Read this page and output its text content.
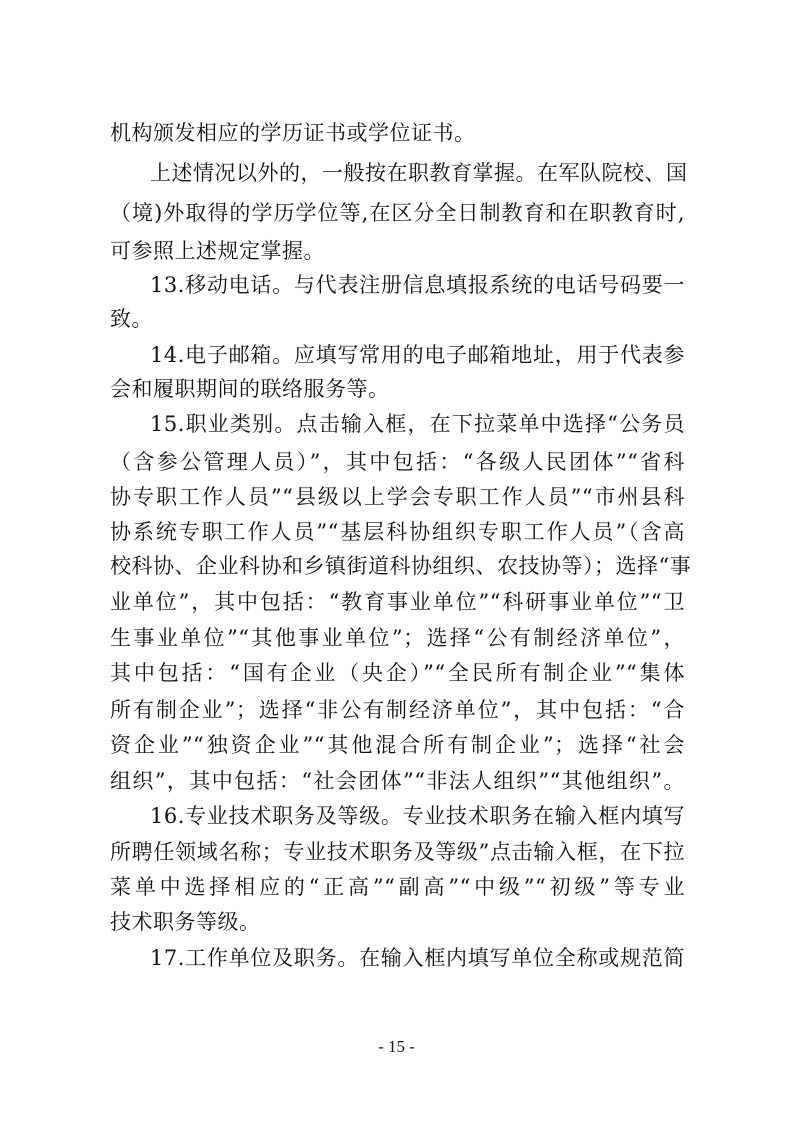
机构颁发相应的学历证书或学位证书。
上述情况以外的，一般按在职教育掌握。在军队院校、国
（境)外取得的学历学位等,在区分全日制教育和在职教育时,
可参照上述规定掌握。
13.移动电话。与代表注册信息填报系统的电话号码要一
致。
14.电子邮箱。应填写常用的电子邮箱地址，用于代表参
会和履职期间的联络服务等。
15.职业类别。点击输入框，在下拉菜单中选择“公务员
（含参公管理人员）”，其中包括：“各级人民团体”“省科
协专职工作人员”“县级以上学会专职工作人员”“市州县科
协系统专职工作人员”“基层科协组织专职工作人员”（含高
校科协、企业科协和乡镇街道科协组织、农技协等）；选择“事
业单位”，其中包括：“教育事业单位”“科研事业单位”“卫
生事业单位”“其他事业单位”；选择“公有制经济单位”，
其中包括：“国有企业（央企）”“全民所有制企业”“集体
所有制企业”；选择“非公有制经济单位”，其中包括：“合
资企业”“独资企业”“其他混合所有制企业”；选择“社会
组织”，其中包括：“社会团体”“非法人组织”“其他组织”。
16.专业技术职务及等级。专业技术职务在输入框内填写
所聘任领域名称；专业技术职务及等级”点击输入框，在下拉
菜单中选择相应的“正高”“副高”“中级”“初级”等专业
技术职务等级。
17.工作单位及职务。在输入框内填写单位全称或规范简
- 15 -
